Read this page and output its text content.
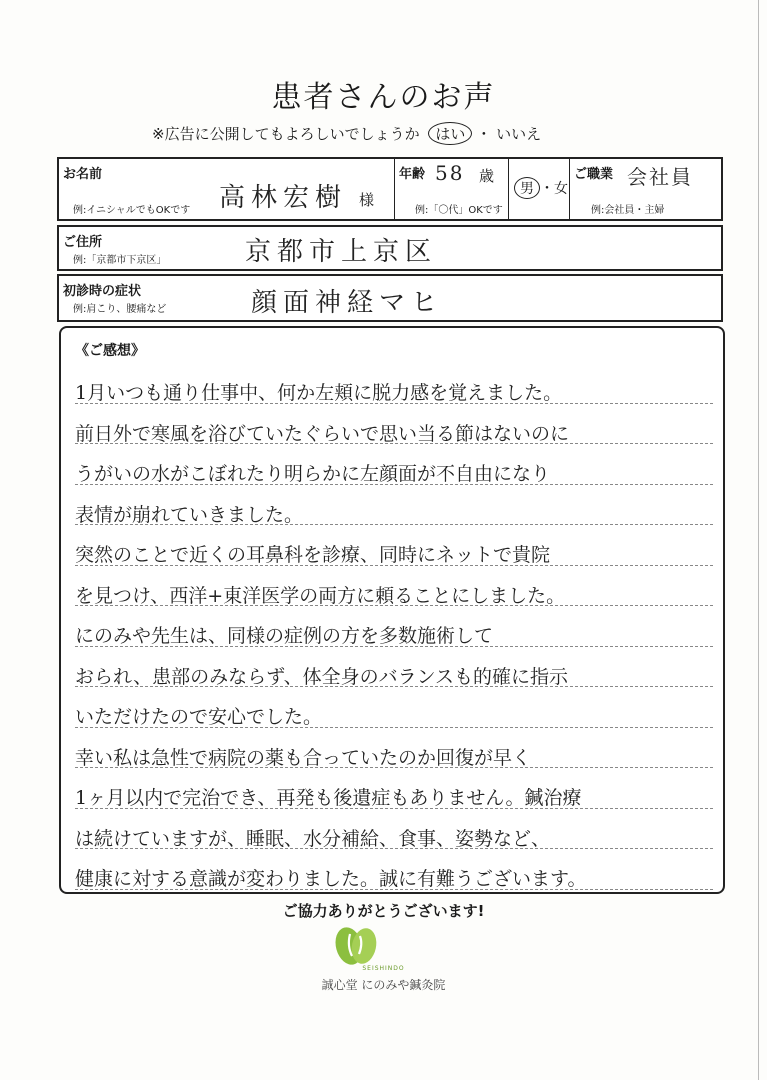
患者さんのお声
※広告に公開してもよろしいでしょうか はい ・ いいえ
お名前
例:イニシャルでもOKです 高林宏樹 様
年齢 58 歳
例:「〇代」OKです
男 ・女
ご職業 会社員
例:会社員・主婦
ご住所
例:「京都市下京区」	京都市上京区
初診時の症状
例:肩こり、腰痛など	顔面神経マヒ
《ご感想》
1月いつも通り仕事中、何か左頬に脱力感を覚えました。
前日外で寒風を浴びていたぐらいで思い当る節はないのに
うがいの水がこぼれたり明らかに左顔面が不自由になり
表情が崩れていきました。
突然のことで近くの耳鼻科を診療、同時にネットで貴院
を見つけ、西洋+東洋医学の両方に頼ることにしました。
にのみや先生は、同様の症例の方を多数施術して
おられ、患部のみならず、体全身のバランスも的確に指示
いただけたので安心でした。
幸い私は急性で病院の薬も合っていたのか回復が早く
1ヶ月以内で完治でき、再発も後遺症もありません。鍼治療
は続けていますが、睡眠、水分補給、食事、姿勢など、
健康に対する意識が変わりました。誠に有難うございます。
ご協力ありがとうございます!
SEISHINDO
誠心堂 にのみや鍼灸院
